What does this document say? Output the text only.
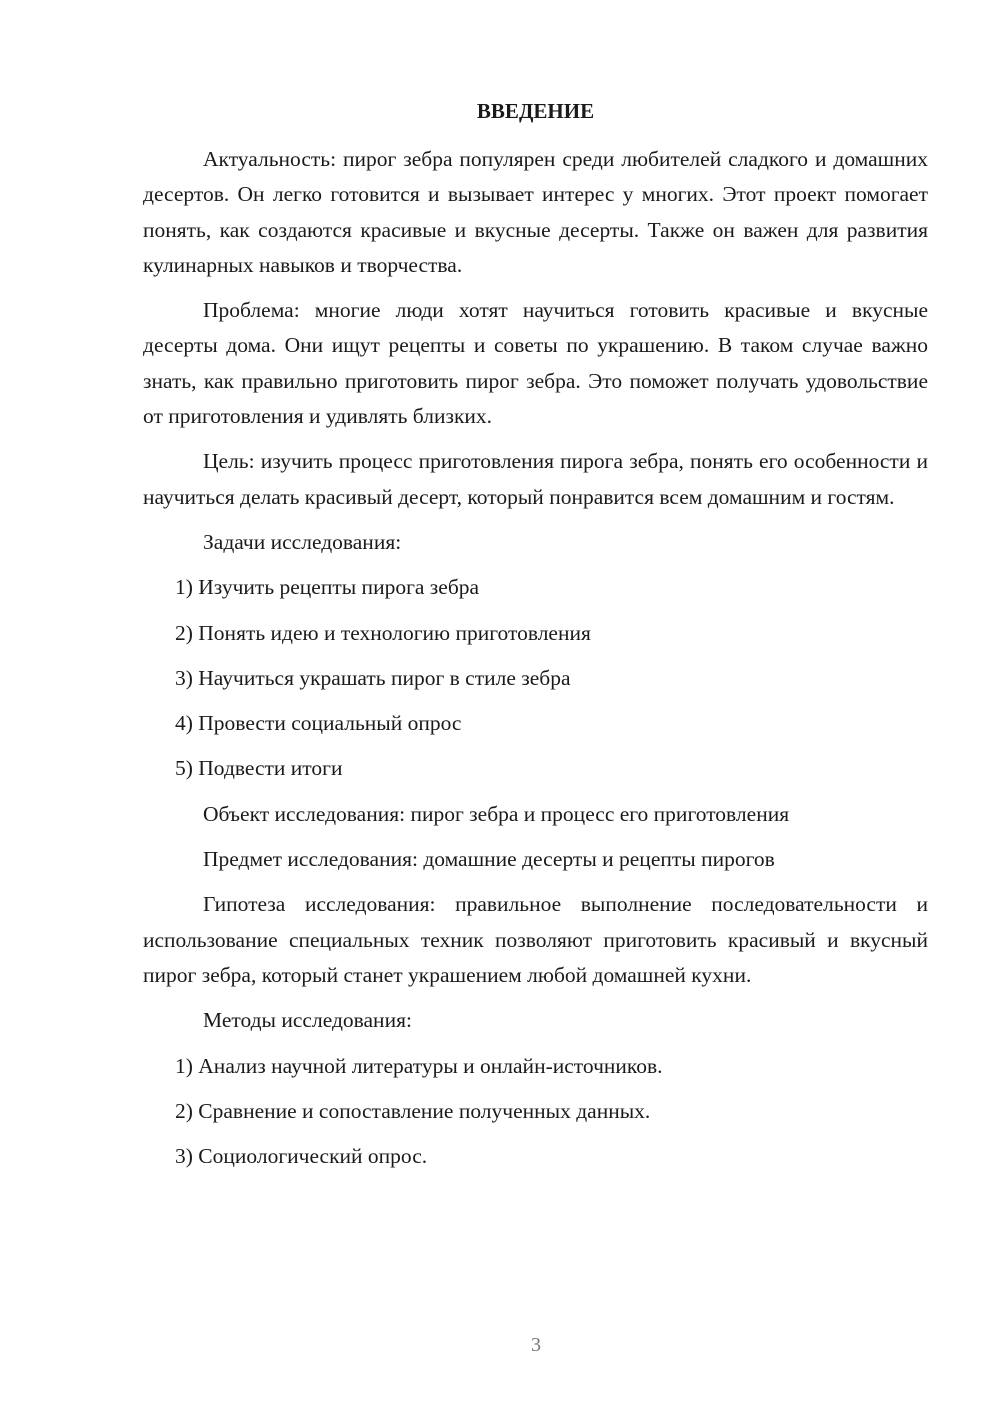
ВВЕДЕНИЕ
Актуальность: пирог зебра популярен среди любителей сладкого и домашних десертов. Он легко готовится и вызывает интерес у многих. Этот проект помогает понять, как создаются красивые и вкусные десерты. Также он важен для развития кулинарных навыков и творчества.
Проблема: многие люди хотят научиться готовить красивые и вкусные десерты дома. Они ищут рецепты и советы по украшению. В таком случае важно знать, как правильно приготовить пирог зебра. Это поможет получать удовольствие от приготовления и удивлять близких.
Цель: изучить процесс приготовления пирога зебра, понять его особенности и научиться делать красивый десерт, который понравится всем домашним и гостям.
Задачи исследования:
1) Изучить рецепты пирога зебра
2) Понять идею и технологию приготовления
3) Научиться украшать пирог в стиле зебра
4) Провести социальный опрос
5) Подвести итоги
Объект исследования: пирог зебра и процесс его приготовления
Предмет исследования: домашние десерты и рецепты пирогов
Гипотеза исследования: правильное выполнение последовательности и использование специальных техник позволяют приготовить красивый и вкусный пирог зебра, который станет украшением любой домашней кухни.
Методы исследования:
1) Анализ научной литературы и онлайн-источников.
2) Сравнение и сопоставление полученных данных.
3) Социологический опрос.
3
